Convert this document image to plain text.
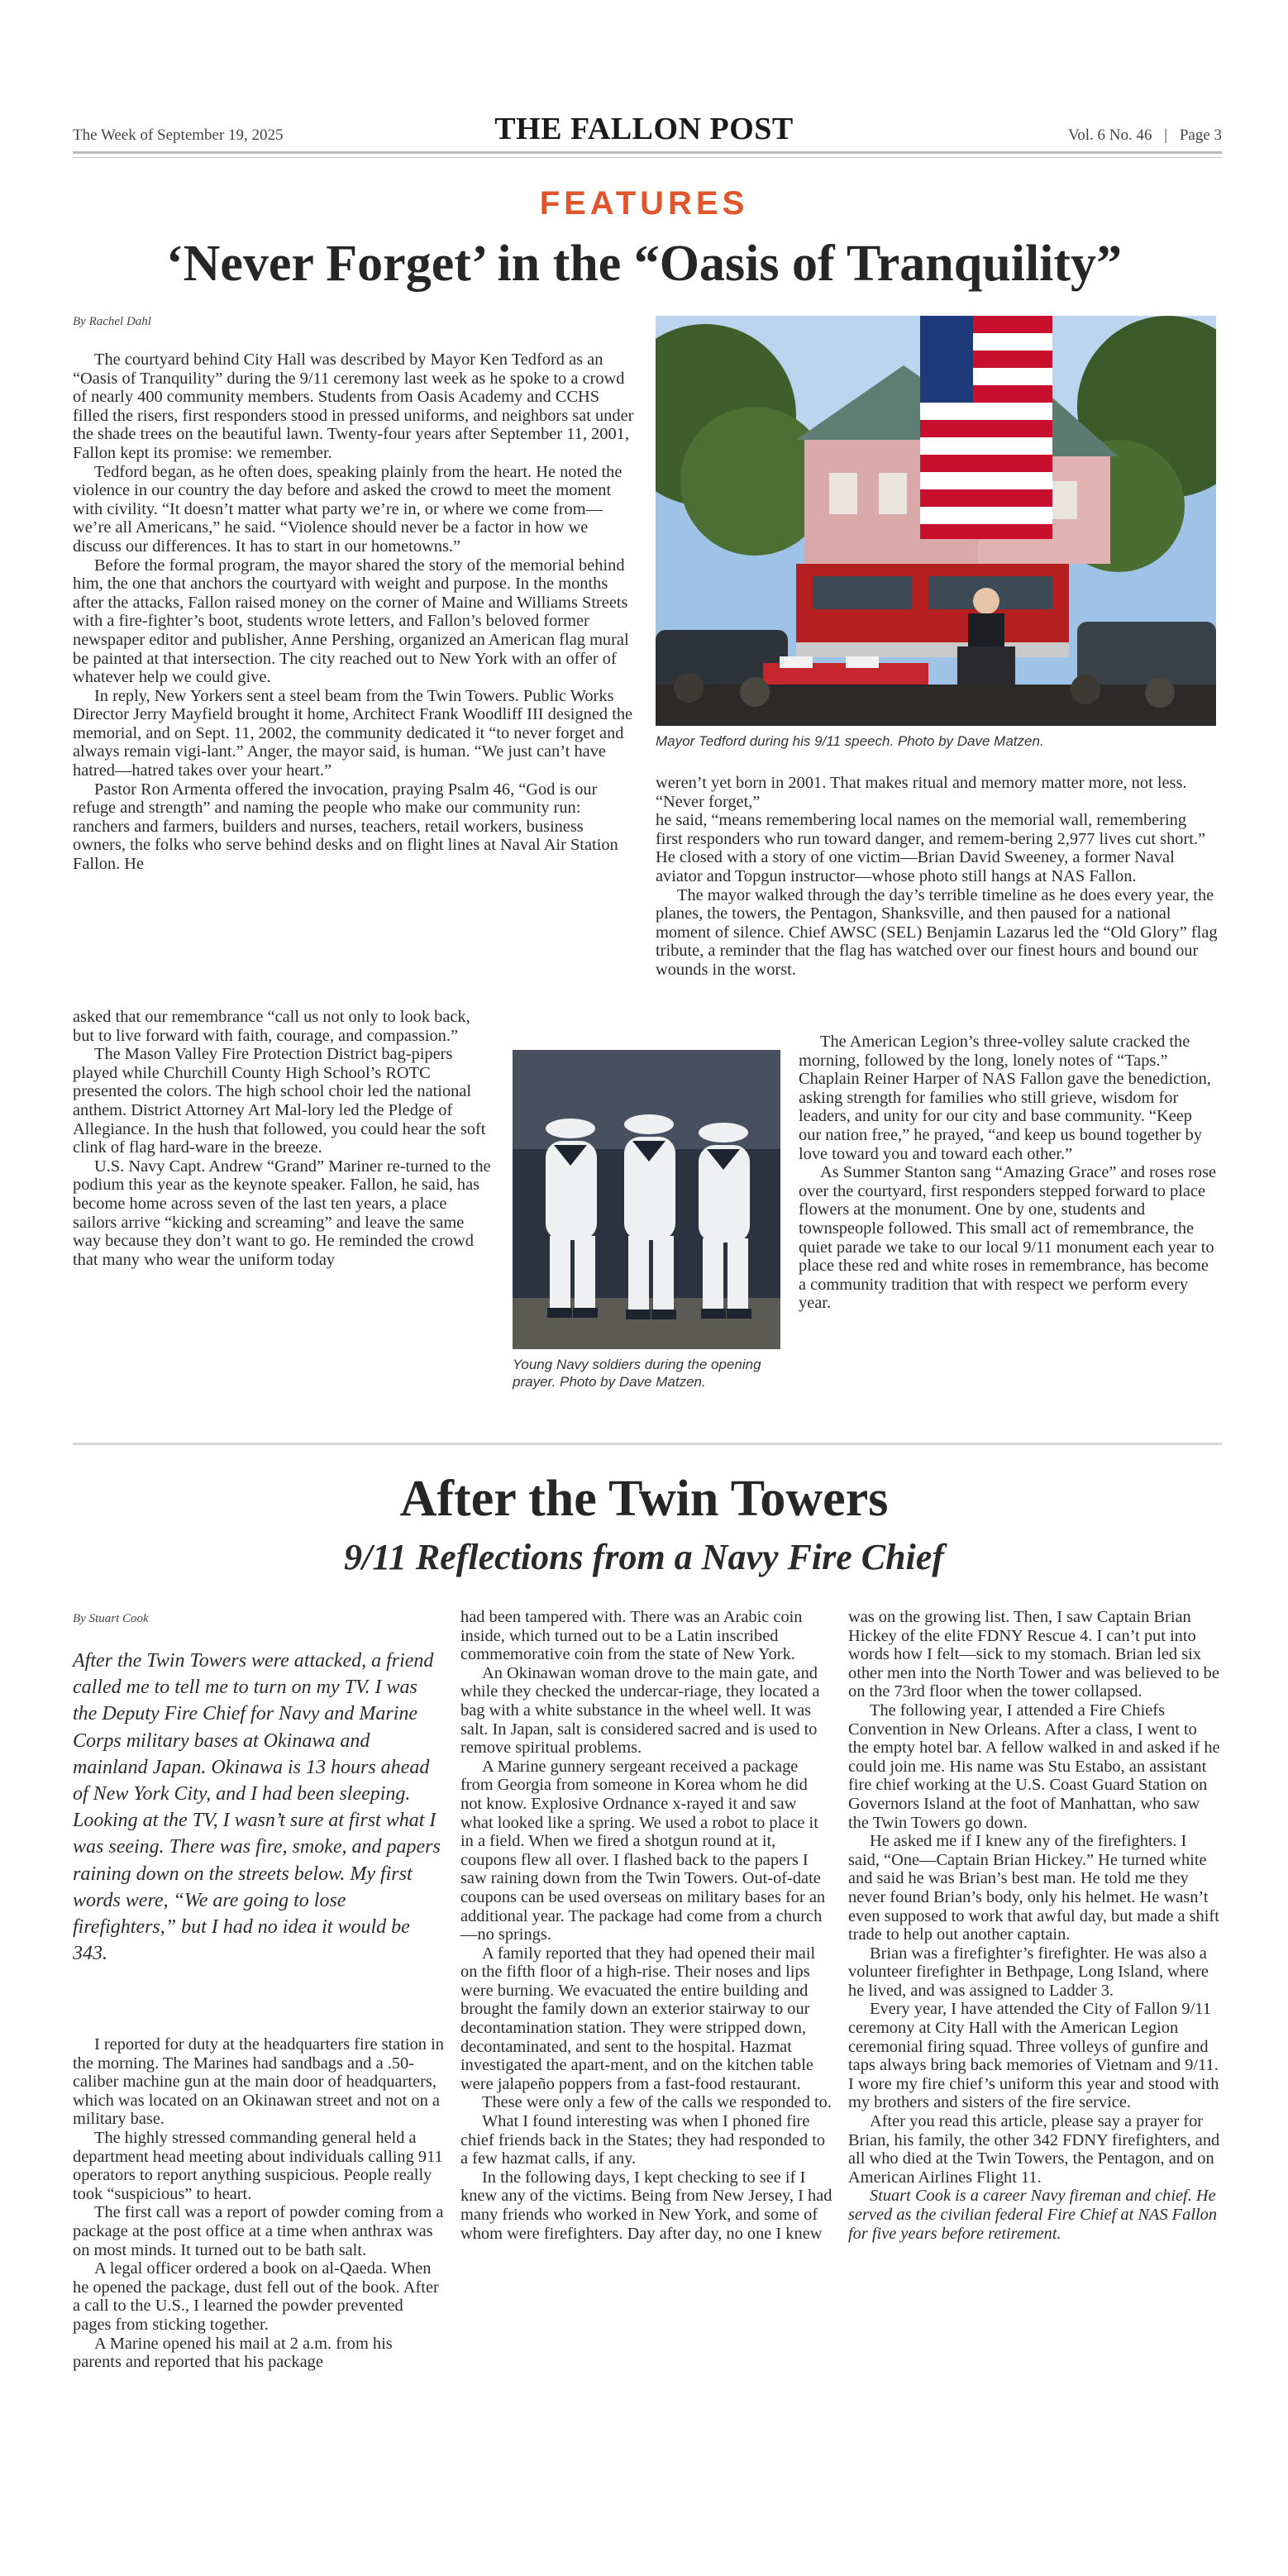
The Week of September 19, 2025	THE FALLON POST	Vol. 6 No. 46 | Page 3
FEATURES
‘Never Forget’ in the “Oasis of Tranquility”
By Rachel Dahl

The courtyard behind City Hall was described by Mayor Ken Tedford as an “Oasis of Tranquility” during the 9/11 ceremony last week as he spoke to a crowd of nearly 400 community members. Students from Oasis Academy and CCHS filled the risers, first responders stood in pressed uniforms, and neighbors sat under the shade trees on the beautiful lawn. Twenty-four years after September 11, 2001, Fallon kept its promise: we remember.

Tedford began, as he often does, speaking plainly from the heart. He noted the violence in our country the day before and asked the crowd to meet the moment with civility. “It doesn’t matter what party we’re in, or where we come from—we’re all Americans,” he said. “Violence should never be a factor in how we discuss our differences. It has to start in our hometowns.”

Before the formal program, the mayor shared the story of the memorial behind him, the one that anchors the courtyard with weight and purpose. In the months after the attacks, Fallon raised money on the corner of Maine and Williams Streets with a fire-fighter’s boot, students wrote letters, and Fallon’s beloved former newspaper editor and publisher, Anne Pershing, organized an American flag mural be painted at that intersection. The city reached out to New York with an offer of whatever help we could give.

In reply, New Yorkers sent a steel beam from the Twin Towers. Public Works Director Jerry Mayfield brought it home, Architect Frank Woodliff III designed the memorial, and on Sept. 11, 2002, the community dedicated it “to never forget and always remain vigi-lant.” Anger, the mayor said, is human. “We just can’t have hatred—hatred takes over your heart.”

Pastor Ron Armenta offered the invocation, praying Psalm 46, “God is our refuge and strength” and naming the people who make our community run: ranchers and farmers, builders and nurses, teachers, retail workers, business owners, the folks who serve behind desks and on flight lines at Naval Air Station Fallon. He

asked that our remembrance “call us not only to look back, but to live forward with faith, courage, and compassion.”

The Mason Valley Fire Protection District bag-pipers played while Churchill County High School’s ROTC presented the colors. The high school choir led the national anthem. District Attorney Art Mal-lory led the Pledge of Allegiance. In the hush that followed, you could hear the soft clink of flag hard-ware in the breeze.

U.S. Navy Capt. Andrew “Grand” Mariner re-turned to the podium this year as the keynote speaker. Fallon, he said, has become home across seven of the last ten years, a place sailors arrive “kicking and screaming” and leave the same way because they don’t want to go. He reminded the crowd that many who wear the uniform today

Mayor Tedford during his 9/11 speech. Photo by Dave Matzen.

weren’t yet born in 2001. That makes ritual and memory matter more, not less. “Never forget,”

he said, “means remembering local names on the memorial wall, remembering first responders who run toward danger, and remem-bering 2,977 lives cut short.” He closed with a story of one victim—Brian David Sweeney, a former Naval aviator and Topgun instructor—whose photo still hangs at NAS Fallon.

The mayor walked through the day’s terrible timeline as he does every year, the planes, the towers, the Pentagon, Shanksville, and then paused for a national moment of silence. Chief AWSC (SEL) Benjamin Lazarus led the “Old Glory” flag tribute, a reminder that the flag has watched over our finest hours and bound our wounds in the worst.

Young Navy soldiers during the opening
prayer. Photo by Dave Matzen.

The American Legion’s three-volley salute cracked the morning, followed by the long, lonely notes of “Taps.” Chaplain Reiner Harper of NAS Fallon gave the benediction, asking strength for families who still grieve, wisdom for leaders, and unity for our city and base community. “Keep our nation free,” he prayed, “and keep us bound together by love toward you and toward each other.”

As Summer Stanton sang “Amazing Grace” and roses rose over the courtyard, first responders stepped forward to place flowers at the monument. One by one, students and townspeople followed. This small act of remembrance, the quiet parade we take to our local 9/11 monument each year to place these red and white roses in remembrance, has become a community tradition that with respect we perform every year.

After the Twin Towers
9/11 Reflections from a Navy Fire Chief
By Stuart Cook
After the Twin Towers were attacked, a friend called me to tell me to turn on my TV. I was the Deputy Fire Chief for Navy and Marine Corps military bases at Okinawa and mainland Japan. Okinawa is 13 hours ahead of New York City, and I had been sleeping. Looking at the TV, I wasn’t sure at first what I was seeing. There was fire, smoke, and papers raining down on the streets below. My first words were, “We are going to lose firefighters,” but I had no idea it would be 343.

I reported for duty at the headquarters fire station in the morning. The Marines had sandbags and a .50-caliber machine gun at the main door of headquarters, which was located on an Okinawan street and not on a military base.

The highly stressed commanding general held a department head meeting about individuals calling 911 operators to report anything suspicious. People really took “suspicious” to heart.

The first call was a report of powder coming from a package at the post office at a time when anthrax was on most minds. It turned out to be bath salt.

A legal officer ordered a book on al-Qaeda. When he opened the package, dust fell out of the book. After a call to the U.S., I learned the powder prevented pages from sticking together.

A Marine opened his mail at 2 a.m. from his parents and reported that his package

had been tampered with. There was an Arabic coin inside, which turned out to be a Latin inscribed commemorative coin from the state of New York.

An Okinawan woman drove to the main gate, and while they checked the undercar-riage, they located a bag with a white substance in the wheel well. It was salt. In Japan, salt is considered sacred and is used to remove spiritual problems.

A Marine gunnery sergeant received a package from Georgia from someone in Korea whom he did not know. Explosive Ordnance x-rayed it and saw what looked like a spring. We used a robot to place it in a field. When we fired a shotgun round at it, coupons flew all over. I flashed back to the papers I saw raining down from the Twin Towers. Out-of-date coupons can be used overseas on military bases for an additional year. The package had come from a church—no springs.

A family reported that they had opened their mail on the fifth floor of a high-rise. Their noses and lips were burning. We evacuated the entire building and brought the family down an exterior stairway to our decontamination station. They were stripped down, decontaminated, and sent to the hospital. Hazmat investigated the apart-ment, and on the kitchen table were jalapeño poppers from a fast-food restaurant.

These were only a few of the calls we responded to.

What I found interesting was when I phoned fire chief friends back in the States; they had responded to a few hazmat calls, if any.

In the following days, I kept checking to see if I knew any of the victims. Being from New Jersey, I had many friends who worked in New York, and some of whom were firefighters. Day after day, no one I knew

was on the growing list. Then, I saw Captain Brian Hickey of the elite FDNY Rescue 4. I can’t put into words how I felt—sick to my stomach. Brian led six other men into the North Tower and was believed to be on the 73rd floor when the tower collapsed.

The following year, I attended a Fire Chiefs Convention in New Orleans. After a class, I went to the empty hotel bar. A fellow walked in and asked if he could join me. His name was Stu Estabo, an assistant fire chief working at the U.S. Coast Guard Station on Governors Island at the foot of Manhattan, who saw the Twin Towers go down.

He asked me if I knew any of the firefighters. I said, “One—Captain Brian Hickey.” He turned white and said he was Brian’s best man. He told me they never found Brian’s body, only his helmet. He wasn’t even supposed to work that awful day, but made a shift trade to help out another captain.

Brian was a firefighter’s firefighter. He was also a volunteer firefighter in Bethpage, Long Island, where he lived, and was assigned to Ladder 3.

Every year, I have attended the City of Fallon 9/11 ceremony at City Hall with the American Legion ceremonial firing squad. Three volleys of gunfire and taps always bring back memories of Vietnam and 9/11. I wore my fire chief’s uniform this year and stood with my brothers and sisters of the fire service.

After you read this article, please say a prayer for Brian, his family, the other 342 FDNY firefighters, and all who died at the Twin Towers, the Pentagon, and on American Airlines Flight 11.

Stuart Cook is a career Navy fireman and chief. He served as the civilian federal Fire Chief at NAS Fallon for five years before retirement.
